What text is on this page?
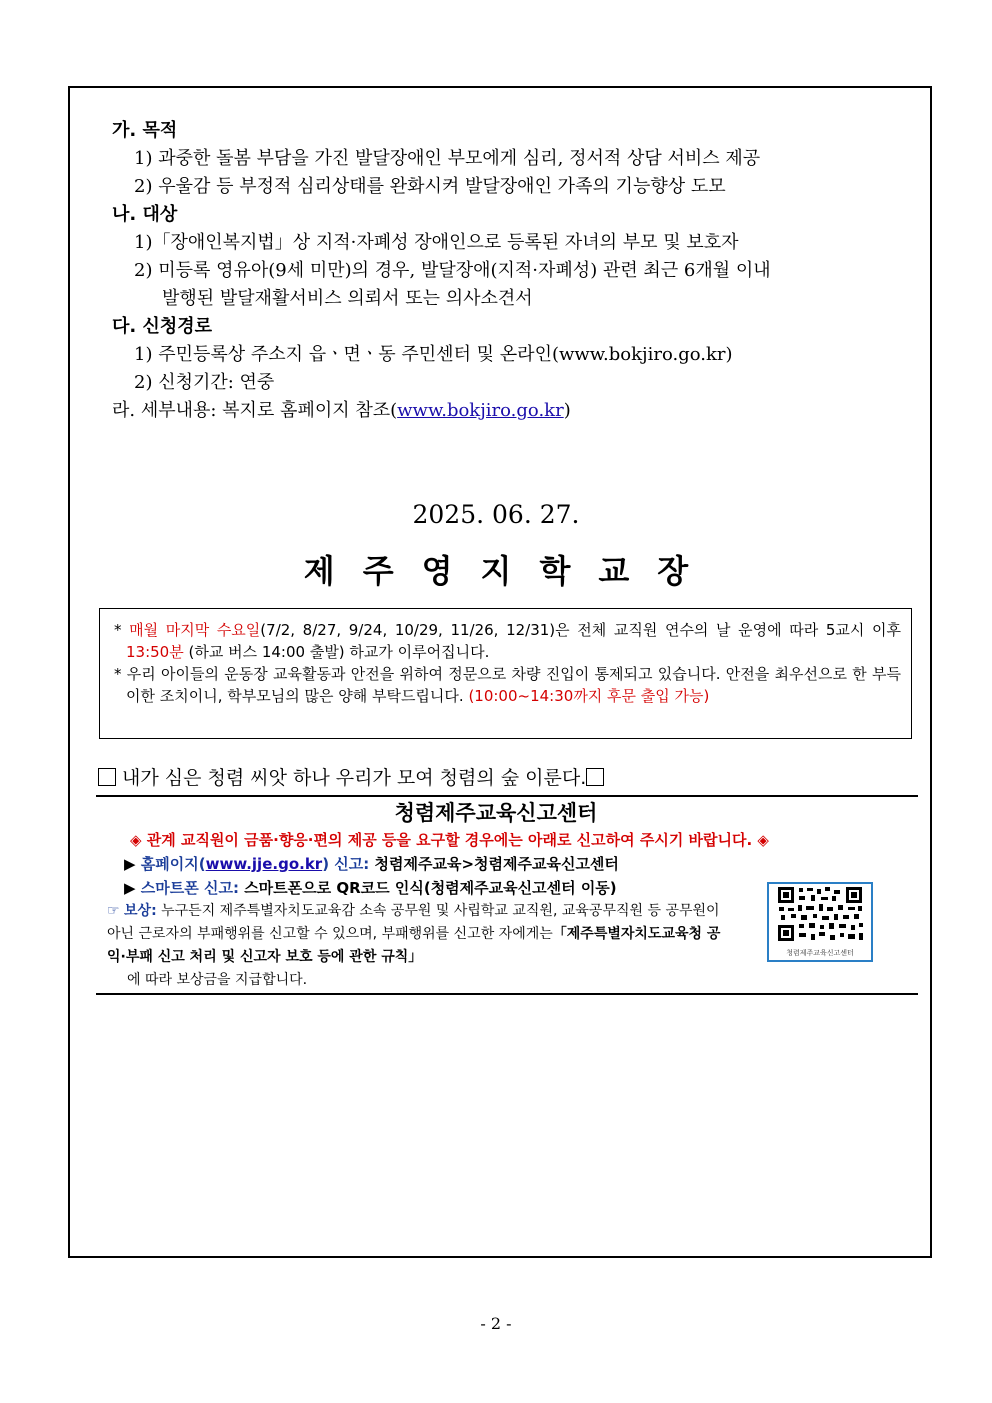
가. 목적
1) 과중한 돌봄 부담을 가진 발달장애인 부모에게 심리, 정서적 상담 서비스 제공
2) 우울감 등 부정적 심리상태를 완화시켜 발달장애인 가족의 기능향상 도모
나. 대상
1)「장애인복지법」상 지적·자폐성 장애인으로 등록된 자녀의 부모 및 보호자
2) 미등록 영유아(9세 미만)의 경우, 발달장애(지적·자폐성) 관련 최근 6개월 이내
발행된 발달재활서비스 의뢰서 또는 의사소견서
다. 신청경로
1) 주민등록상 주소지 읍ㆍ면ㆍ동 주민센터 및 온라인(www.bokjiro.go.kr)
2) 신청기간: 연중
라. 세부내용: 복지로 홈페이지 참조(www.bokjiro.go.kr)
2025. 06. 27.
제주영지학교장

* 매월 마지막 수요일(7/2, 8/27, 9/24, 10/29, 11/26, 12/31)은 전체 교직원 연수의 날 운영에 따라 5교시 이후 13:50분 (하교 버스 14:00 출발) 하교가 이루어집니다.

* 우리 아이들의 운동장 교육활동과 안전을 위하여 정문으로 차량 진입이 통제되고 있습니다. 안전을 최우선으로 한 부득이한 조치이니, 학부모님의 많은 양해 부탁드립니다. (10:00~14:30까지 후문 출입 가능)

내가 심은 청렴 씨앗 하나 우리가 모여 청렴의 숲 이룬다.
청렴제주교육신고센터
◈ 관계 교직원이 금품·향응·편의 제공 등을 요구할 경우에는 아래로 신고하여 주시기 바랍니다. ◈
▶ 홈페이지(www.jje.go.kr) 신고: 청렴제주교육>청렴제주교육신고센터
▶ 스마트폰 신고: 스마트폰으로 QR코드 인식(청렴제주교육신고센터 이동)
☞ 보상: 누구든지 제주특별자치도교육감 소속 공무원 및 사립학교 교직원, 교육공무직원 등 공무원이 아닌 근로자의 부패행위를 신고할 수 있으며, 부패행위를 신고한 자에게는「제주특별자치도교육청 공익·부패 신고 처리 및 신고자 보호 등에 관한 규칙」
에 따라 보상금을 지급합니다.
청렴제주교육신고센터
- 2 -
